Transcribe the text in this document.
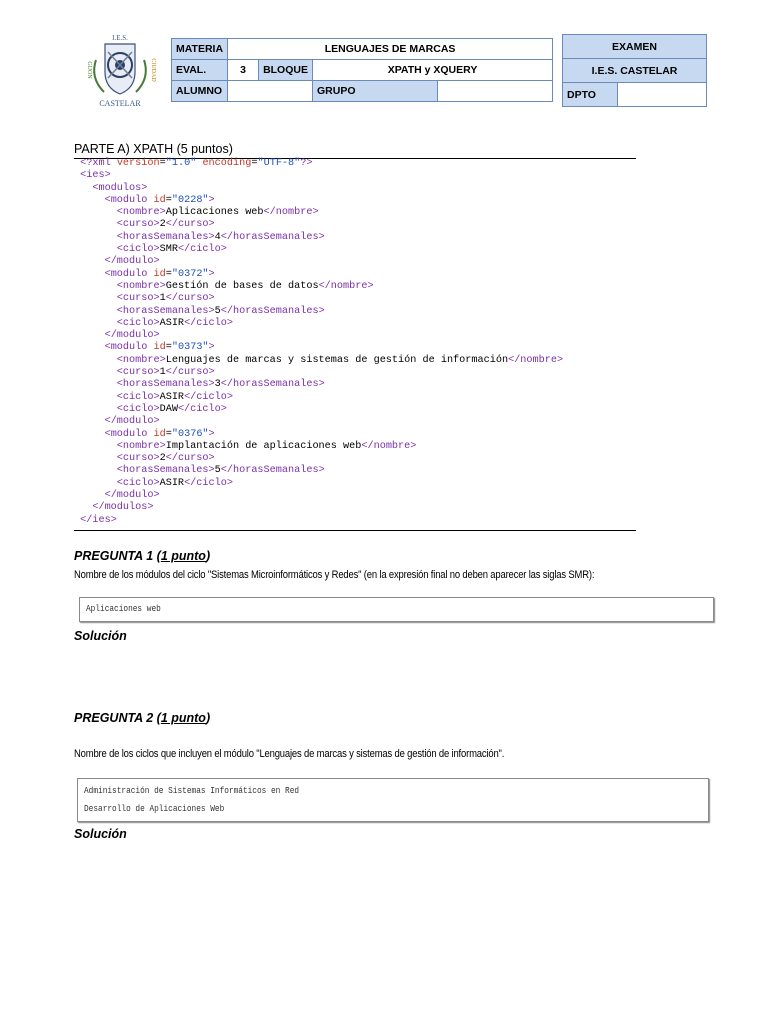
I.E.S.
GIJÓN	CIUDAD
CASTELAR
MATERIA	LENGUAJES DE MARCAS
EVAL.	3	BLOQUE	XPATH y XQUERY
ALUMNO			GRUPO	
EXAMEN
I.E.S. CASTELAR
DPTO	
PARTE A) XPATH (5 puntos)
<?xml version="1.0" encoding="UTF-8"?>
<ies>
<modulos>
<modulo id="0228">
<nombre>Aplicaciones web</nombre>
<curso>2</curso>
<horasSemanales>4</horasSemanales>
<ciclo>SMR</ciclo>
</modulo>
<modulo id="0372">
<nombre>Gestión de bases de datos</nombre>
<curso>1</curso>
<horasSemanales>5</horasSemanales>
<ciclo>ASIR</ciclo>
</modulo>
<modulo id="0373">
<nombre>Lenguajes de marcas y sistemas de gestión de información</nombre>
<curso>1</curso>
<horasSemanales>3</horasSemanales>
<ciclo>ASIR</ciclo>
<ciclo>DAW</ciclo>
</modulo>
<modulo id="0376">
<nombre>Implantación de aplicaciones web</nombre>
<curso>2</curso>
<horasSemanales>5</horasSemanales>
<ciclo>ASIR</ciclo>
</modulo>
</modulos>
</ies>
PREGUNTA 1 (1 punto)
Nombre de los módulos del ciclo "Sistemas Microinformáticos y Redes" (en la expresión final no deben aparecer las siglas SMR):
Aplicaciones web
Solución
PREGUNTA 2 (1 punto)
Nombre de los ciclos que incluyen el módulo "Lenguajes de marcas y sistemas de gestión de información".
Administración de Sistemas Informáticos en Red
Desarrollo de Aplicaciones Web
Solución
